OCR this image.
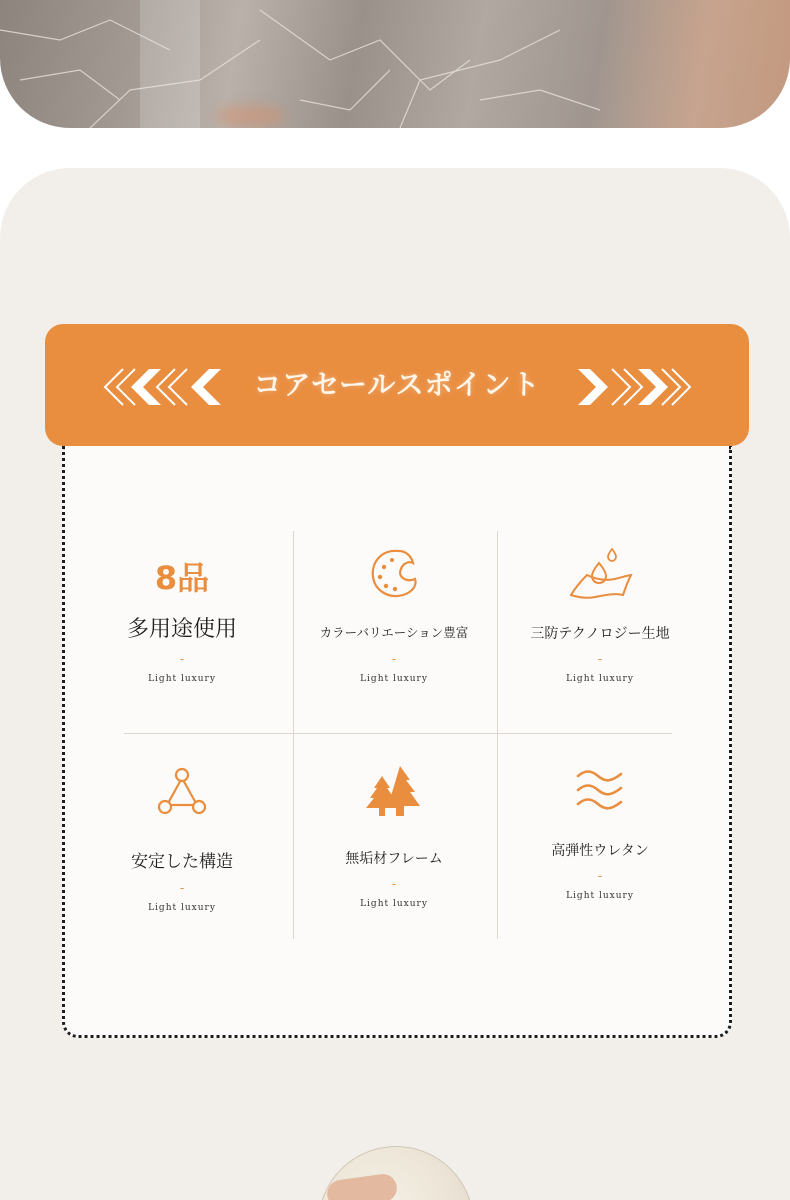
コアセールスポイント
8品
多用途使用
-
Light luxury
カラーバリエーション豊富
-
Light luxury
三防テクノロジー生地
-
Light luxury
安定した構造
-
Light luxury
無垢材フレーム
-
Light luxury
高弾性ウレタン
-
Light luxury
